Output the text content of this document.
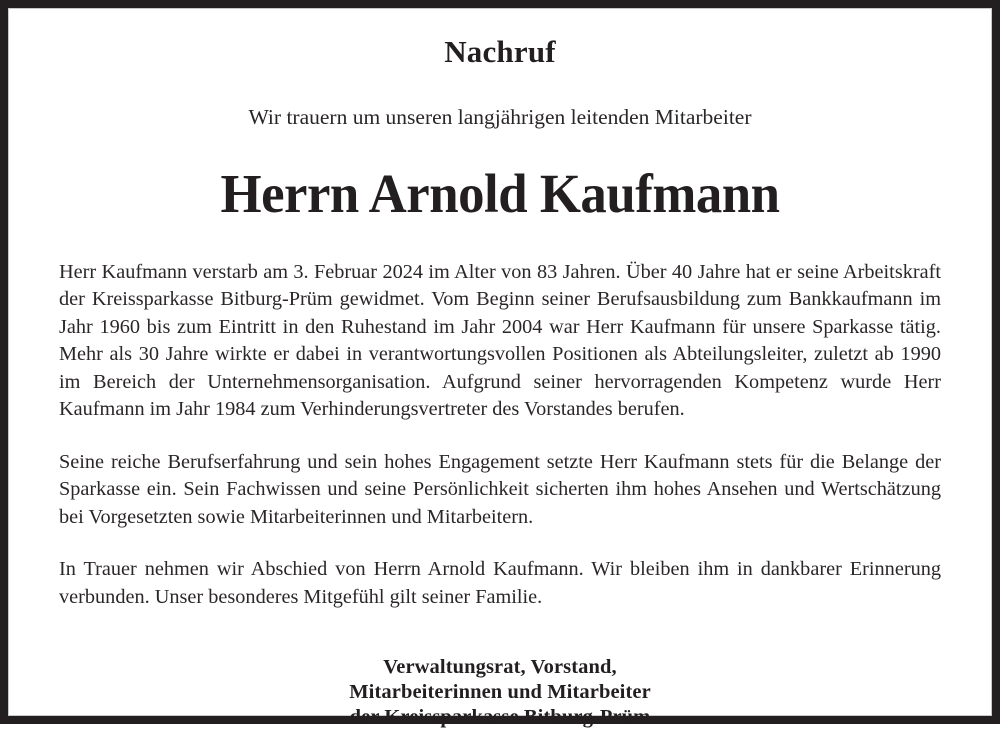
Nachruf
Wir trauern um unseren langjährigen leitenden Mitarbeiter
Herrn Arnold Kaufmann

Herr Kaufmann verstarb am 3. Februar 2024 im Alter von 83 Jahren. Über 40 Jahre hat er seine Arbeitskraft der Kreissparkasse Bitburg-Prüm gewidmet. Vom Beginn seiner Berufsausbildung zum Bankkaufmann im Jahr 1960 bis zum Eintritt in den Ruhestand im Jahr 2004 war Herr Kaufmann für unsere Sparkasse tätig. Mehr als 30 Jahre wirkte er dabei in verantwortungsvollen Positionen als Abteilungsleiter, zuletzt ab 1990 im Bereich der Unternehmensorganisation. Aufgrund seiner hervorragenden Kompetenz wurde Herr Kaufmann im Jahr 1984 zum Verhinderungsvertreter des Vorstandes berufen.

Seine reiche Berufserfahrung und sein hohes Engagement setzte Herr Kaufmann stets für die Belange der Sparkasse ein. Sein Fachwissen und seine Persönlichkeit sicherten ihm hohes Ansehen und Wertschätzung bei Vorgesetzten sowie Mitarbeiterinnen und Mitarbeitern.

In Trauer nehmen wir Abschied von Herrn Arnold Kaufmann. Wir bleiben ihm in dankbarer Erinnerung verbunden. Unser besonderes Mitgefühl gilt seiner Familie.

Verwaltungsrat, Vorstand,
Mitarbeiterinnen und Mitarbeiter
der Kreissparkasse Bitburg-Prüm
